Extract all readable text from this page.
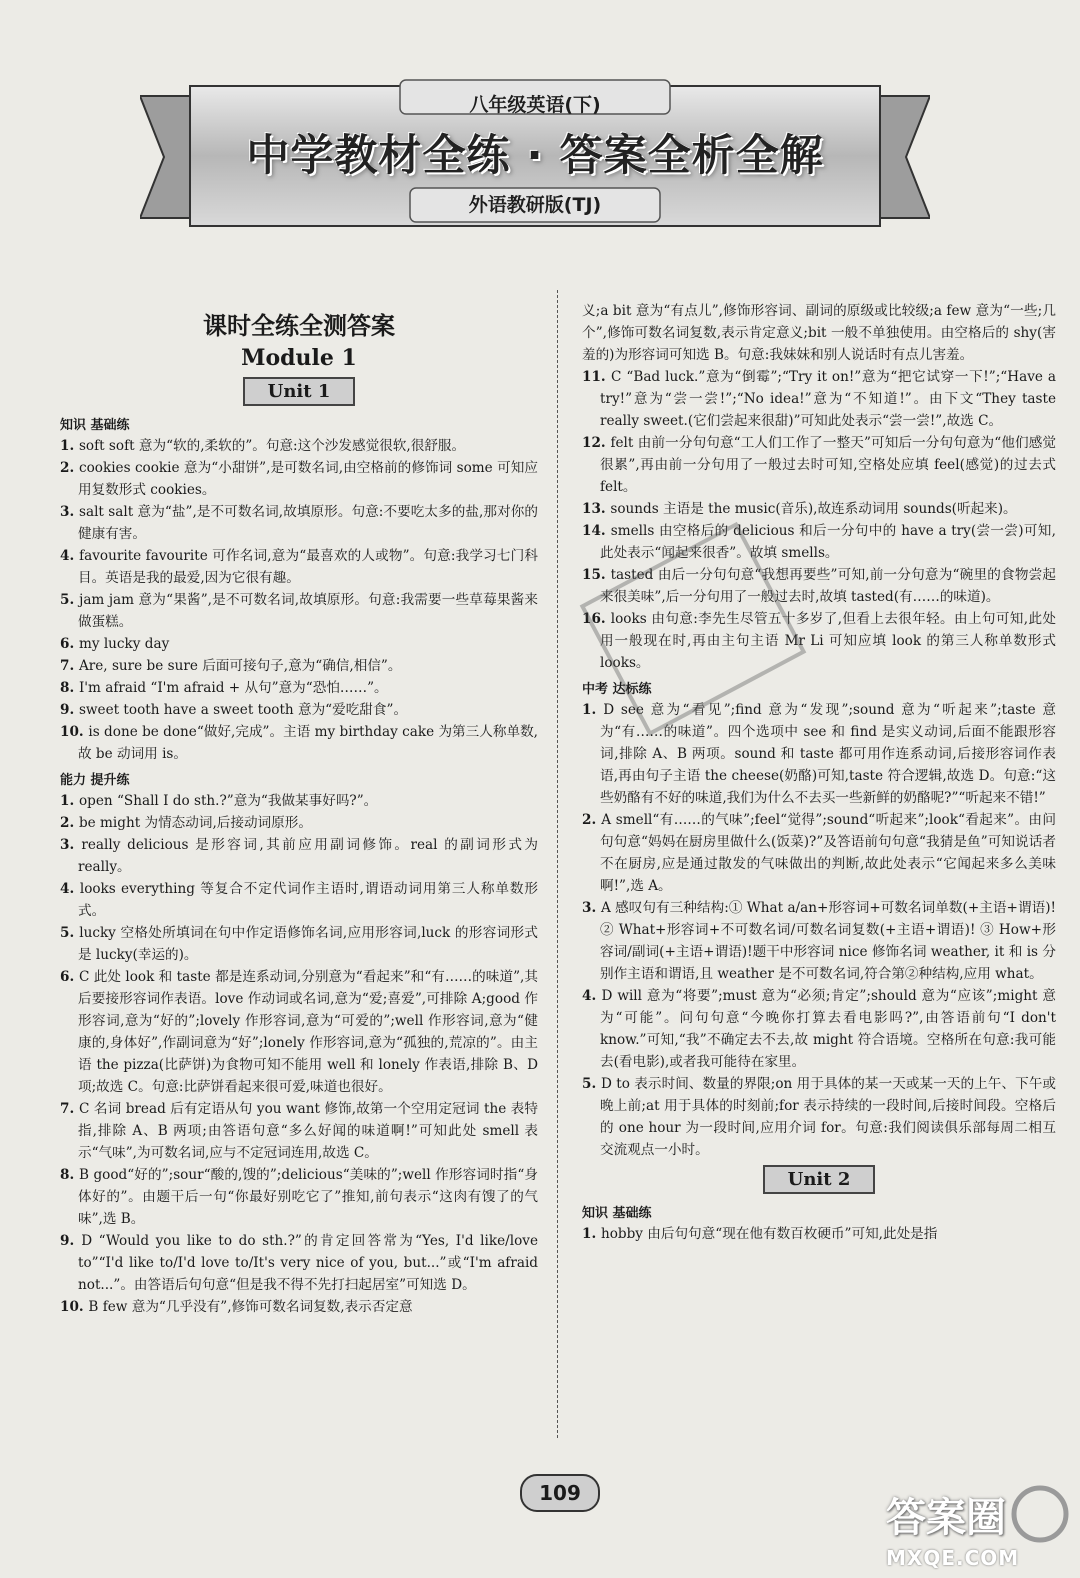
八年级英语(下)
中学教材全练 · 答案全析全解
外语教研版(TJ)
课时全练全测答案
Module 1
Unit 1
知识 基础练

1. soft soft 意为“软的,柔软的”。句意:这个沙发感觉很软,很舒服。

2. cookies cookie 意为“小甜饼”,是可数名词,由空格前的修饰词 some 可知应用复数形式 cookies。

3. salt salt 意为“盐”,是不可数名词,故填原形。句意:不要吃太多的盐,那对你的健康有害。

4. favourite favourite 可作名词,意为“最喜欢的人或物”。句意:我学习七门科目。英语是我的最爱,因为它很有趣。

5. jam jam 意为“果酱”,是不可数名词,故填原形。句意:我需要一些草莓果酱来做蛋糕。

6. my lucky day

7. Are, sure be sure 后面可接句子,意为“确信,相信”。

8. I'm afraid “I'm afraid + 从句”意为“恐怕……”。

9. sweet tooth have a sweet tooth 意为“爱吃甜食”。

10. is done be done“做好,完成”。主语 my birthday cake 为第三人称单数,故 be 动词用 is。

能力 提升练

1. open “Shall I do sth.?”意为“我做某事好吗?”。

2. be might 为情态动词,后接动词原形。

3. really delicious 是形容词,其前应用副词修饰。real 的副词形式为 really。

4. looks everything 等复合不定代词作主语时,谓语动词用第三人称单数形式。

5. lucky 空格处所填词在句中作定语修饰名词,应用形容词,luck 的形容词形式是 lucky(幸运的)。

6. C 此处 look 和 taste 都是连系动词,分别意为“看起来”和“有……的味道”,其后要接形容词作表语。love 作动词或名词,意为“爱;喜爱”,可排除 A;good 作形容词,意为“好的”;lovely 作形容词,意为“可爱的”;well 作形容词,意为“健康的,身体好”,作副词意为“好”;lonely 作形容词,意为“孤独的,荒凉的”。由主语 the pizza(比萨饼)为食物可知不能用 well 和 lonely 作表语,排除 B、D 项;故选 C。句意:比萨饼看起来很可爱,味道也很好。

7. C 名词 bread 后有定语从句 you want 修饰,故第一个空用定冠词 the 表特指,排除 A、B 两项;由答语句意“多么好闻的味道啊!”可知此处 smell 表示“气味”,为可数名词,应与不定冠词连用,故选 C。

8. B good“好的”;sour“酸的,馊的”;delicious“美味的”;well 作形容词时指“身体好的”。由题干后一句“你最好别吃它了”推知,前句表示“这肉有馊了的气味”,选 B。

9. D “Would you like to do sth.?”的肯定回答常为“Yes, I'd like/love to”“I'd like to/I'd love to/It's very nice of you, but...”或“I'm afraid not...”。由答语后句句意“但是我不得不先打扫起居室”可知选 D。

10. B few 意为“几乎没有”,修饰可数名词复数,表示否定意

义;a bit 意为“有点儿”,修饰形容词、副词的原级或比较级;a few 意为“一些;几个”,修饰可数名词复数,表示肯定意义;bit 一般不单独使用。由空格后的 shy(害羞的)为形容词可知选 B。句意:我妹妹和别人说话时有点儿害羞。

11. C “Bad luck.”意为“倒霉”;“Try it on!”意为“把它试穿一下!”;“Have a try!”意为“尝一尝!”;“No idea!”意为“不知道!”。由下文“They taste really sweet.(它们尝起来很甜)”可知此处表示“尝一尝!”,故选 C。

12. felt 由前一分句句意“工人们工作了一整天”可知后一分句句意为“他们感觉很累”,再由前一分句用了一般过去时可知,空格处应填 feel(感觉)的过去式 felt。

13. sounds 主语是 the music(音乐),故连系动词用 sounds(听起来)。

14. smells 由空格后的 delicious 和后一分句中的 have a try(尝一尝)可知,此处表示“闻起来很香”。故填 smells。

15. tasted 由后一分句句意“我想再要些”可知,前一分句意为“碗里的食物尝起来很美味”,后一分句用了一般过去时,故填 tasted(有……的味道)。

16. looks 由句意:李先生尽管五十多岁了,但看上去很年轻。由上句可知,此处用一般现在时,再由主句主语 Mr Li 可知应填 look 的第三人称单数形式 looks。

中考 达标练

1. D see 意为“看见”;find 意为“发现”;sound 意为“听起来”;taste 意为“有……的味道”。四个选项中 see 和 find 是实义动词,后面不能跟形容词,排除 A、B 两项。sound 和 taste 都可用作连系动词,后接形容词作表语,再由句子主语 the cheese(奶酪)可知,taste 符合逻辑,故选 D。句意:“这些奶酪有不好的味道,我们为什么不去买一些新鲜的奶酪呢?”“听起来不错!”

2. A smell“有……的气味”;feel“觉得”;sound“听起来”;look“看起来”。由问句句意“妈妈在厨房里做什么(饭菜)?”及答语前句句意“我猜是鱼”可知说话者不在厨房,应是通过散发的气味做出的判断,故此处表示“它闻起来多么美味啊!”,选 A。

3. A 感叹句有三种结构:① What a/an+形容词+可数名词单数(+主语+谓语)! ② What+形容词+不可数名词/可数名词复数(+主语+谓语)! ③ How+形容词/副词(+主语+谓语)!题干中形容词 nice 修饰名词 weather, it 和 is 分别作主语和谓语,且 weather 是不可数名词,符合第②种结构,应用 what。

4. D will 意为“将要”;must 意为“必须;肯定”;should 意为“应该”;might 意为“可能”。问句句意“今晚你打算去看电影吗?”,由答语前句“I don't know.”可知,“我”不确定去不去,故 might 符合语境。空格所在句意:我可能去(看电影),或者我可能待在家里。

5. D to 表示时间、数量的界限;on 用于具体的某一天或某一天的上午、下午或晚上前;at 用于具体的时刻前;for 表示持续的一段时间,后接时间段。空格后的 one hour 为一段时间,应用介词 for。句意:我们阅读俱乐部每周二相互交流观点一小时。

Unit 2
知识 基础练

1. hobby 由后句句意“现在他有数百枚硬币”可知,此处是指

109
答案圈
MXQE.COM
